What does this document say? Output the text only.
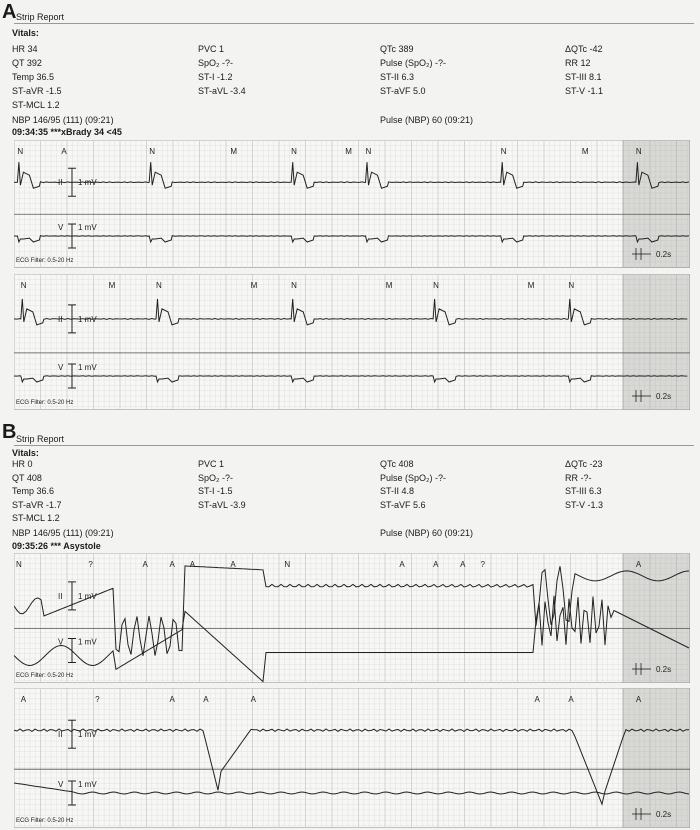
A Strip Report
Vitals:
HR 34	PVC 1	QTc 389	ΔQTc -42
QT 392	SpO₂ -?-	Pulse (SpO₂) -?-	RR 12
Temp 36.5	ST-I -1.2	ST-II 6.3	ST-III 8.1
ST-aVR -1.5	ST-aVL -3.4	ST-aVF 5.0	ST-V -1.1
ST-MCL 1.2
NBP 146/95 (111) (09:21)	Pulse (NBP) 60 (09:21)
09:34:35 ***xBrady 34 <45
N	A	N	M	N	M N	N	M	N
II 1 mV
V 1 mV
ECG Filter: 0.5-20 Hz
0.2s
N	M	N	M	N	M	N	M	N
II 1 mV
V 1 mV
ECG Filter: 0.5-20 Hz
0.2s
B Strip Report
Vitals:
HR 0	PVC 1	QTc 408	ΔQTc -23
QT 408	SpO₂ -?-	Pulse (SpO₂) -?-	RR -?-
Temp 36.6	ST-I -1.5	ST-II 4.8	ST-III 6.3
ST-aVR -1.7	ST-aVL -3.9	ST-aVF 5.6	ST-V -1.3
ST-MCL 1.2
NBP 146/95 (111) (09:21)	Pulse (NBP) 60 (09:21)
09:35:26 *** Asystole
N	?	A	A A	A	N	A	A	A ?	A
II 1 mV
V 1 mV
ECG Filter: 0.5-20 Hz
0.2s
A	?	A	A	A	A	A	A
II 1 mV
V 1 mV
ECG Filter: 0.5-20 Hz
0.2s
